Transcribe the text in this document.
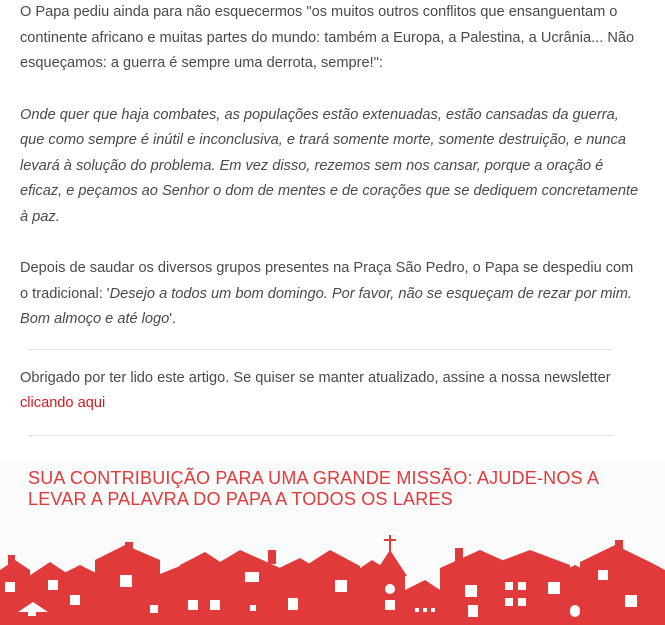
O Papa pediu ainda para não esquecermos "os muitos outros conflitos que ensanguentam o continente africano e muitas partes do mundo: também a Europa, a Palestina, a Ucrânia... Não esqueçamos: a guerra é sempre uma derrota, sempre!":

Onde quer que haja combates, as populações estão extenuadas, estão cansadas da guerra, que como sempre é inútil e inconclusiva, e trará somente morte, somente destruição, e nunca levará à solução do problema. Em vez disso, rezemos sem nos cansar, porque a oração é eficaz, e peçamos ao Senhor o dom de mentes e de corações que se dediquem concretamente à paz.

Depois de saudar os diversos grupos presentes na Praça São Pedro, o Papa se despediu com o tradicional: 'Desejo a todos um bom domingo. Por favor, não se esqueçam de rezar por mim. Bom almoço e até logo'.

Obrigado por ter lido este artigo. Se quiser se manter atualizado, assine a nossa newsletter clicando aqui

SUA CONTRIBUIÇÃO PARA UMA GRANDE MISSÃO: AJUDE-NOS A LEVAR A PALAVRA DO PAPA A TODOS OS LARES
